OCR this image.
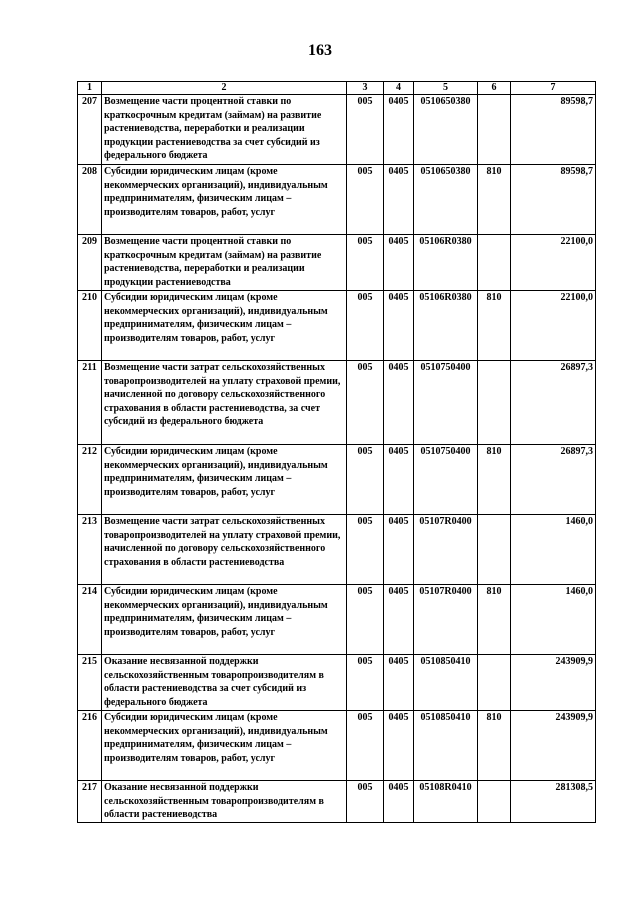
163
1	2	3	4	5	6	7
207	Возмещение части процентной ставки по краткосрочным кредитам (займам) на развитие растениеводства, переработки и реализации продукции растениеводства за счет субсидий из федерального бюджета	005	0405	0510650380		89598,7
208	Субсидии юридическим лицам (кроме некоммерческих организаций), индивидуальным предпринимателям, физическим лицам – производителям товаров, работ, услуг	005	0405	0510650380	810	89598,7
209	Возмещение части процентной ставки по краткосрочным кредитам (займам) на развитие растениеводства, переработки и реализации продукции растениеводства	005	0405	05106R0380		22100,0
210	Субсидии юридическим лицам (кроме некоммерческих организаций), индивидуальным предпринимателям, физическим лицам – производителям товаров, работ, услуг	005	0405	05106R0380	810	22100,0
211	Возмещение части затрат сельскохозяйственных товаропроизводителей на уплату страховой премии, начисленной по договору сельскохозяйственного страхования в области растениеводства, за счет субсидий из федерального бюджета	005	0405	0510750400		26897,3
212	Субсидии юридическим лицам (кроме некоммерческих организаций), индивидуальным предпринимателям, физическим лицам – производителям товаров, работ, услуг	005	0405	0510750400	810	26897,3
213	Возмещение части затрат сельскохозяйственных товаропроизводителей на уплату страховой премии, начисленной по договору сельскохозяйственного страхования в области растениеводства	005	0405	05107R0400		1460,0
214	Субсидии юридическим лицам (кроме некоммерческих организаций), индивидуальным предпринимателям, физическим лицам – производителям товаров, работ, услуг	005	0405	05107R0400	810	1460,0
215	Оказание несвязанной поддержки сельскохозяйственным товаропроизводителям в области растениеводства за счет субсидий из федерального бюджета	005	0405	0510850410		243909,9
216	Субсидии юридическим лицам (кроме некоммерческих организаций), индивидуальным предпринимателям, физическим лицам – производителям товаров, работ, услуг	005	0405	0510850410	810	243909,9
217	Оказание несвязанной поддержки сельскохозяйственным товаропроизводителям в области растениеводства	005	0405	05108R0410		281308,5
